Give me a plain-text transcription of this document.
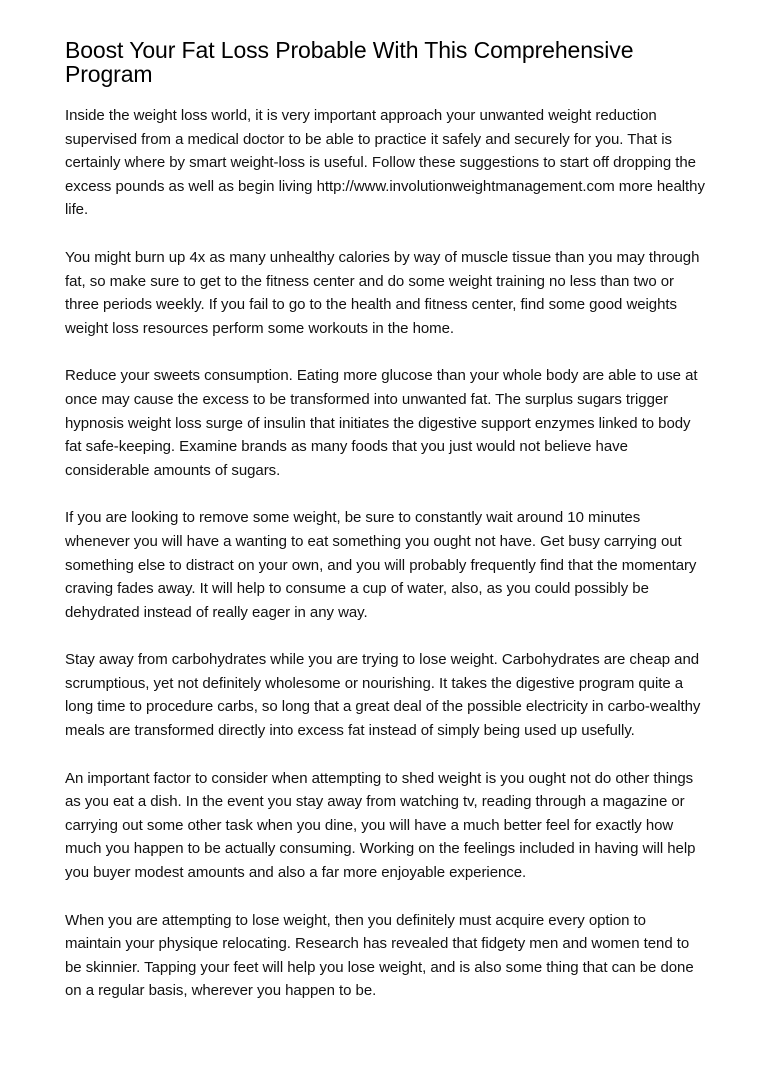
Boost Your Fat Loss Probable With This Comprehensive Program

Inside the weight loss world, it is very important approach your unwanted weight reduction supervised from a medical doctor to be able to practice it safely and securely for you. That is certainly where by smart weight-loss is useful. Follow these suggestions to start off dropping the excess pounds as well as begin living http://www.involutionweightmanagement.com more healthy life.

You might burn up 4x as many unhealthy calories by way of muscle tissue than you may through fat, so make sure to get to the fitness center and do some weight training no less than two or three periods weekly. If you fail to go to the health and fitness center, find some good weights weight loss resources perform some workouts in the home.

Reduce your sweets consumption. Eating more glucose than your whole body are able to use at once may cause the excess to be transformed into unwanted fat. The surplus sugars trigger hypnosis weight loss surge of insulin that initiates the digestive support enzymes linked to body fat safe-keeping. Examine brands as many foods that you just would not believe have considerable amounts of sugars.

If you are looking to remove some weight, be sure to constantly wait around 10 minutes whenever you will have a wanting to eat something you ought not have. Get busy carrying out something else to distract on your own, and you will probably frequently find that the momentary craving fades away. It will help to consume a cup of water, also, as you could possibly be dehydrated instead of really eager in any way.

Stay away from carbohydrates while you are trying to lose weight. Carbohydrates are cheap and scrumptious, yet not definitely wholesome or nourishing. It takes the digestive program quite a long time to procedure carbs, so long that a great deal of the possible electricity in carbo-wealthy meals are transformed directly into excess fat instead of simply being used up usefully.

An important factor to consider when attempting to shed weight is you ought not do other things as you eat a dish. In the event you stay away from watching tv, reading through a magazine or carrying out some other task when you dine, you will have a much better feel for exactly how much you happen to be actually consuming. Working on the feelings included in having will help you buyer modest amounts and also a far more enjoyable experience.

When you are attempting to lose weight, then you definitely must acquire every option to maintain your physique relocating. Research has revealed that fidgety men and women tend to be skinnier. Tapping your feet will help you lose weight, and is also some thing that can be done on a regular basis, wherever you happen to be.
